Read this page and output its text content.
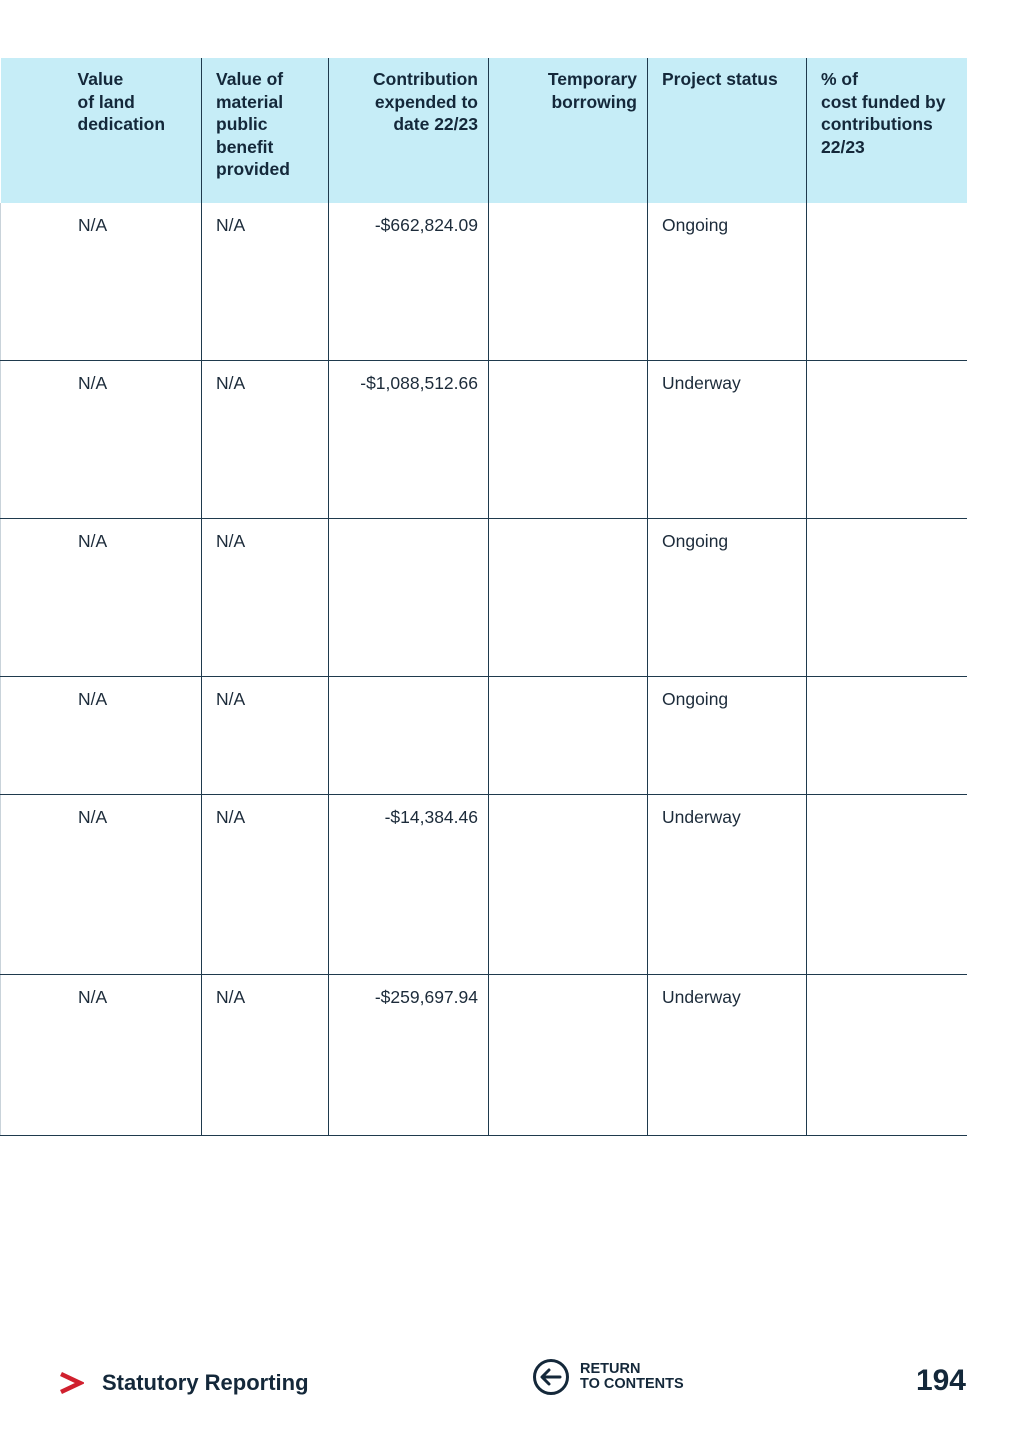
Value
of land
dedication	Value of
material
public
benefit
provided	Contribution
expended to
date 22/23	Temporary
borrowing	Project status	% of
cost funded by
contributions
22/23
N/A	N/A	-$662,824.09		Ongoing	
N/A	N/A	-$1,088,512.66		Underway	
N/A	N/A			Ongoing	
N/A	N/A			Ongoing	
N/A	N/A	-$14,384.46		Underway	
N/A	N/A	-$259,697.94		Underway	
Statutory Reporting
RETURN
TO CONTENTS	194
